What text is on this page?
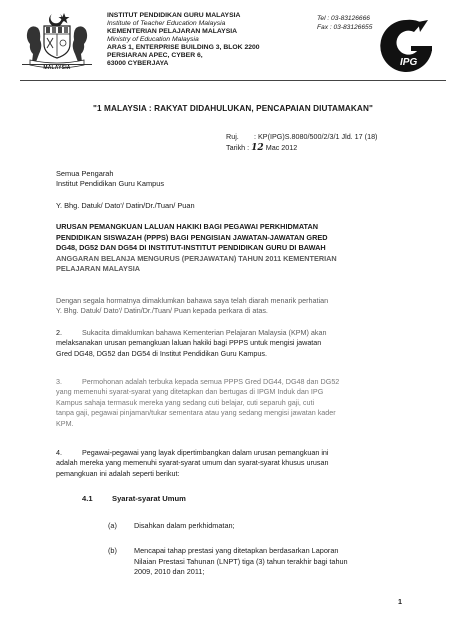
MALAYSIA
INSTITUT PENDIDIKAN GURU MALAYSIA
Institute of Teacher Education Malaysia
KEMENTERIAN PELAJARAN MALAYSIA
Ministry of Education Malaysia
ARAS 1, ENTERPRISE BUILDING 3, BLOK 2200
PERSIARAN APEC, CYBER 6,
63000 CYBERJAYA
Tel : 03-83126666
Fax : 03-83126655
IPG
"1 MALAYSIA : RAKYAT DIDAHULUKAN, PENCAPAIAN DIUTAMAKAN"
Ruj. : KP(IPG)S.8080/500/2/3/1 Jld. 17 (18)
Tarikh : 12 Mac 2012
Semua Pengarah
Institut Pendidikan Guru Kampus
Y. Bhg. Datuk/ Dato'/ Datin/Dr./Tuan/ Puan
URUSAN PEMANGKUAN LALUAN HAKIKI BAGI PEGAWAI PERKHIDMATAN
PENDIDIKAN SISWAZAH (PPPS) BAGI PENGISIAN JAWATAN-JAWATAN GRED
DG48, DG52 DAN DG54 DI INSTITUT-INSTITUT PENDIDIKAN GURU DI BAWAH
ANGGARAN BELANJA MENGURUS (PERJAWATAN) TAHUN 2011 KEMENTERIAN
PELAJARAN MALAYSIA
Dengan segala hormatnya dimaklumkan bahawa saya telah diarah menarik perhatian
Y. Bhg. Datuk/ Dato'/ Datin/Dr./Tuan/ Puan kepada perkara di atas.
2.	Sukacita dimaklumkan bahawa Kementerian Pelajaran Malaysia (KPM) akan
melaksanakan urusan pemangkuan laluan hakiki bagi PPPS untuk mengisi jawatan
Gred DG48, DG52 dan DG54 di Institut Pendidikan Guru Kampus.
3.	Permohonan adalah terbuka kepada semua PPPS Gred DG44, DG48 dan DG52
yang memenuhi syarat-syarat yang ditetapkan dan bertugas di IPGM Induk dan IPG
Kampus sahaja termasuk mereka yang sedang cuti belajar, cuti separuh gaji, cuti
tanpa gaji, pegawai pinjaman/tukar sementara atau yang sedang mengisi jawatan kader
KPM.
4.	Pegawai-pegawai yang layak dipertimbangkan dalam urusan pemangkuan ini
adalah mereka yang memenuhi syarat-syarat umum dan syarat-syarat khusus urusan
pemangkuan ini adalah seperti berikut:
4.1	Syarat-syarat Umum
(a) Disahkan dalam perkhidmatan;
(b) Mencapai tahap prestasi yang ditetapkan berdasarkan Laporan
Nilaian Prestasi Tahunan (LNPT) tiga (3) tahun terakhir bagi tahun
2009, 2010 dan 2011;
1
